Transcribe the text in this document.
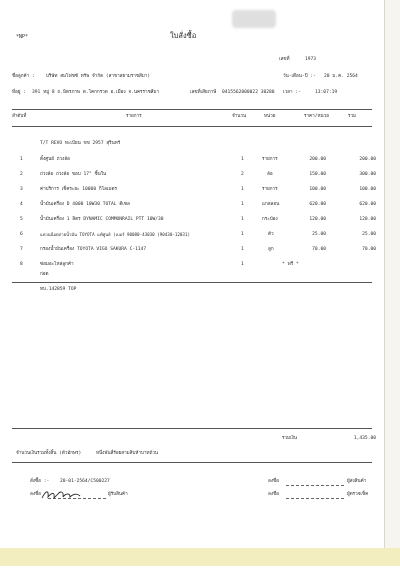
*NP*	ใบสั่งซื้อ
เลขที่	1973
ชื่อลูกค้า : บริษัท สมโฟชซ์ ทรัพ จำกัด (สาขาสยามราชสีมา)	วัน-เดือน-ปี :- 20 ม.ค. 2564
ที่อยู่ : 391 หมู่ 8 ถ.มิตรภาพ ต.โคกกรวด อ.เมือง จ.นครราชสีมา	เลขที่เสียภาษี 0415562000022 30280 เวลา :-	13:07:19
ลำดับที่	รายการ	จำนวน	หน่วย	ราคา/หน่วย	รวม
T/T REVO ทะเบียน ขข 2957 สุรินทร์
1	ตั้งศูนย์ ถ่วงล้อ	1	รายการ	200.00	200.00
2	ถ่วงล้อ ถ่วงล้อ ขอบ 17" ชิ้นใน	2	ล้อ	150.00	300.00
3	ค่าบริการ เช็คระยะ 10000 กิโลเมตร	1	รายการ	100.00	100.00
4	น้ำมันเครื่อง D 4000 10W30 TOTAL ดีเซล	1	แกลลอน	620.00	620.00
5	น้ำมันเครื่อง 1 ลิตร DYNAMIC COMMONRAIL PTT 10W/30	1	กระป๋อง	120.00	120.00
6	แหวนน็อตถ่ายน้ำมัน TOYOTA แท้ศูนย์ (เบอร์ 90080-43030 (90430-12031)	1	ตัว	25.00	25.00
7	กรองน้ำมันเครื่อง TOYOTA VIGO SAKURA C-1147	1	ลูก	70.00	70.00
8	ซ่อมอะไหล่ลูกค้า	1	* ฟรี *
ก่อต
ทบ.142859 TOP
รวมเงิน	1,435.00
จำนวนเงินรวมทั้งสิ้น (ตัวอักษร)	หนึ่งพันสี่ร้อยสามสิบห้าบาทถ้วน
สั่งซื้อ :- 20-01-2564/C500227
ลงชื่อ	ผู้รับสินค้า
ลงชื่อ	ผู้ส่งสินค้า
ลงชื่อ	ผู้ตรวจเช็ค
